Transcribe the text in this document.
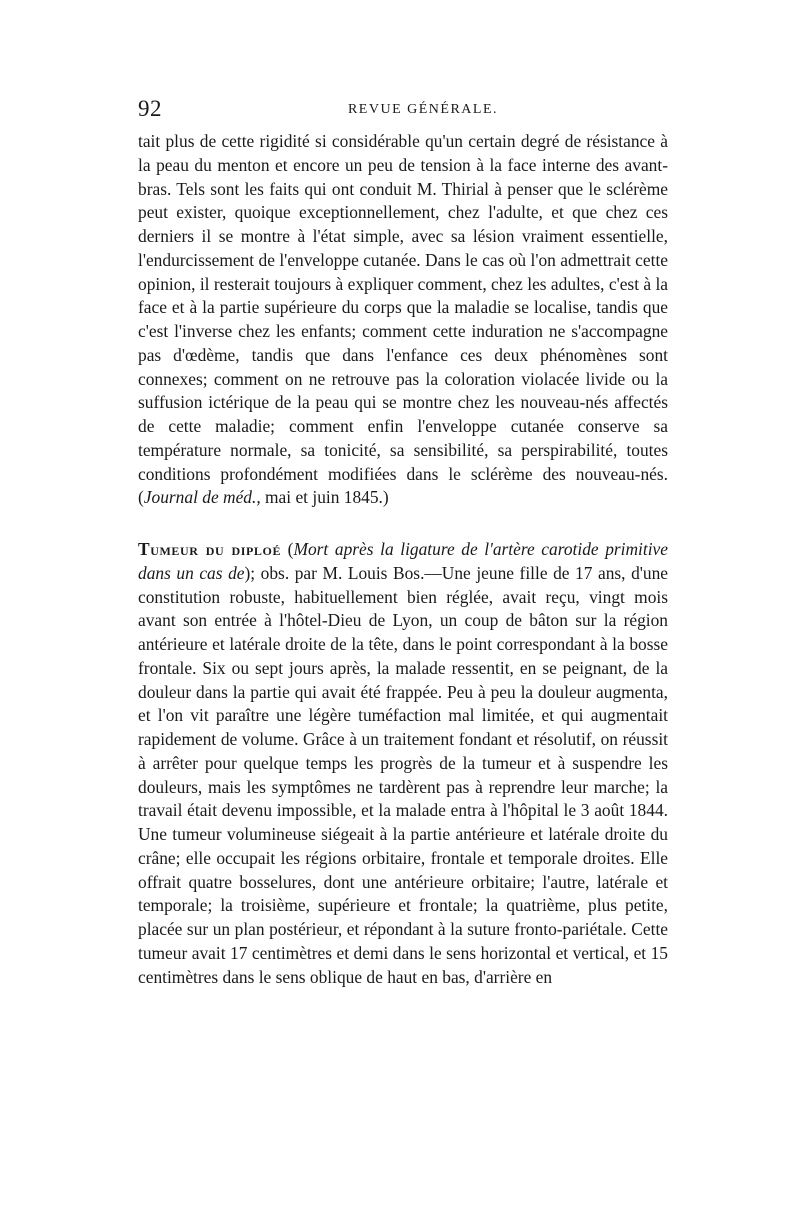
92	REVUE GÉNÉRALE.

tait plus de cette rigidité si considérable qu'un certain degré de résistance à la peau du menton et encore un peu de tension à la face interne des avant-bras. Tels sont les faits qui ont conduit M. Thirial à penser que le sclérème peut exister, quoique exceptionnellement, chez l'adulte, et que chez ces derniers il se montre à l'état simple, avec sa lésion vraiment essentielle, l'endurcissement de l'enveloppe cutanée. Dans le cas où l'on admettrait cette opinion, il resterait toujours à expliquer comment, chez les adultes, c'est à la face et à la partie supérieure du corps que la maladie se localise, tandis que c'est l'inverse chez les enfants; comment cette induration ne s'accompagne pas d'œdème, tandis que dans l'enfance ces deux phénomènes sont connexes; comment on ne retrouve pas la coloration violacée livide ou la suffusion ictérique de la peau qui se montre chez les nouveau-nés affectés de cette maladie; comment enfin l'enveloppe cutanée conserve sa température normale, sa tonicité, sa sensibilité, sa perspirabilité, toutes conditions profondément modifiées dans le sclérème des nouveau-nés. (Journal de méd., mai et juin 1845.)

Tumeur du diploé (Mort après la ligature de l'artère carotide primitive dans un cas de); obs. par M. Louis Bos.—Une jeune fille de 17 ans, d'une constitution robuste, habituellement bien réglée, avait reçu, vingt mois avant son entrée à l'hôtel-Dieu de Lyon, un coup de bâton sur la région antérieure et latérale droite de la tête, dans le point correspondant à la bosse frontale. Six ou sept jours après, la malade ressentit, en se peignant, de la douleur dans la partie qui avait été frappée. Peu à peu la douleur augmenta, et l'on vit paraître une légère tuméfaction mal limitée, et qui augmentait rapidement de volume. Grâce à un traitement fondant et résolutif, on réussit à arrêter pour quelque temps les progrès de la tumeur et à suspendre les douleurs, mais les symptômes ne tardèrent pas à reprendre leur marche; la travail était devenu impossible, et la malade entra à l'hôpital le 3 août 1844. Une tumeur volumineuse siégeait à la partie antérieure et latérale droite du crâne; elle occupait les régions orbitaire, frontale et temporale droites. Elle offrait quatre bosselures, dont une antérieure orbitaire; l'autre, latérale et temporale; la troisième, supérieure et frontale; la quatrième, plus petite, placée sur un plan postérieur, et répondant à la suture fronto-pariétale. Cette tumeur avait 17 centimètres et demi dans le sens horizontal et vertical, et 15 centimètres dans le sens oblique de haut en bas, d'arrière en
